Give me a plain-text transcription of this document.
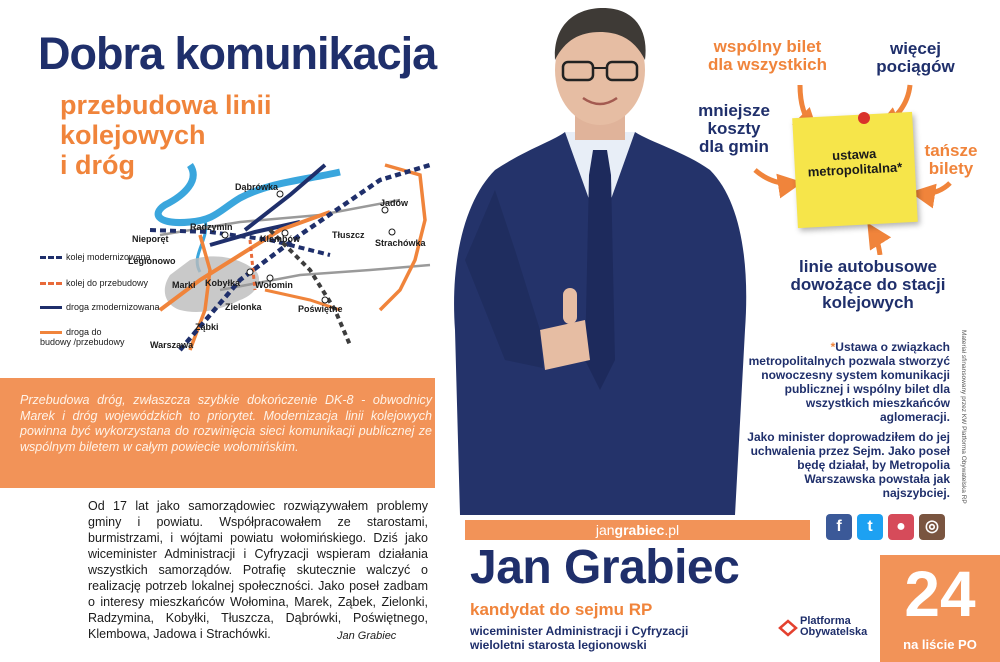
Dobra komunikacja
przebudowa linii
kolejowych
i dróg
Dąbrówka
Jadów
Radzymin
Nieporęt	Klembów	Tłuszcz
Strachówka
Legionowo
Marki Kobyłka Wołomin
Zielonka	Poświętne
Ząbki
Warszawa
kolej modernizowana
kolej do przebudowy
droga zmodernizowana
droga do budowy /przebudowy
Przebudowa dróg, zwłaszcza szybkie dokończenie DK-8 - obwodnicy Marek i dróg wojewódzkich to priorytet. Modernizacja linii kolejowych powinna być wykorzystana do rozwinięcia sieci komunikacji publicznej ze wspólnym biletem w całym powiecie wołomińskim.
Od 17 lat jako samorządowiec rozwiązywałem problemy gminy i powiatu. Współpracowałem ze starostami, burmistrzami, i wójtami powiatu wołomińskiego. Dziś jako wiceminister Administracji i Cyfryzacji wspieram działania wszystkich samorządów. Potrafię skutecznie walczyć o realizację potrzeb lokalnej społeczności. Jako poseł zadbam o interesy mieszkańców Wołomina, Marek, Ząbek, Zielonki, Radzymina, Kobyłki, Tłuszcza, Dąbrówki, Poświętnego, Klembowa, Jadowa i Strachówki.	Jan Grabiec
wspólny bilet dla wszystkich
więcej pociągów
mniejsze koszty dla gmin	tańsze bilety
linie autobusowe dowożące do stacji kolejowych
ustawa metropolitalna*
*Ustawa o związkach metropolitalnych pozwala stworzyć nowoczesny system komunikacji publicznej i wspólny bilet dla wszystkich mieszkańców aglomeracji.
Jako minister doprowadziłem do jej uchwalenia przez Sejm. Jako poseł będę działał, by Metropolia Warszawska powstała jak najszybciej. Materiał sfinansowany przez KW Platforma Obywatelska RP
jangrabiec.pl	f	t	●	◎
Jan Grabiec
kandydat do sejmu RP
wiceminister Administracji i Cyfryzacji
wieloletni starosta legionowski
Platforma
Obywatelska
24
na liście PO
